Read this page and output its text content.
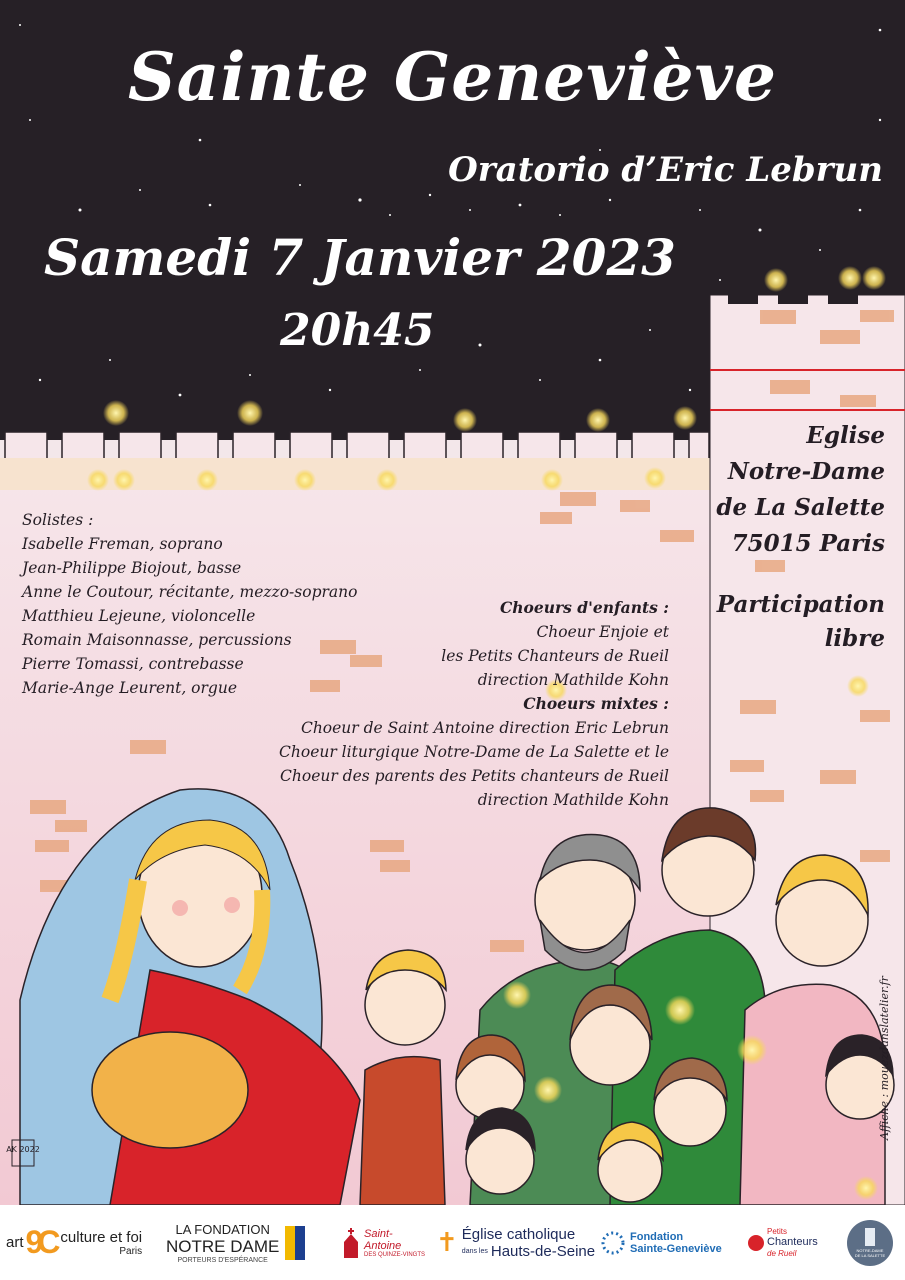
AK 2022
Sainte Geneviève
Oratorio d’Eric Lebrun
Samedi 7 Janvier 2023
20h45
Eglise
Notre-Dame
de La Salette
75015 Paris
Participation
libre
Solistes :
Isabelle Freman, soprano
Jean-Philippe Biojout, basse
Anne le Coutour, récitante, mezzo-soprano
Matthieu Lejeune, violoncelle
Romain Maisonnasse, percussions
Pierre Tomassi, contrebasse
Marie-Ange Leurent, orgue
Choeurs d'enfants :
Choeur Enjoie et
les Petits Chanteurs de Rueil
direction Mathilde Kohn
Choeurs mixtes :
Choeur de Saint Antoine direction Eric Lebrun
Choeur liturgique Notre-Dame de La Salette et le
Choeur des parents des Petits chanteurs de Rueil
direction Mathilde Kohn
Affiche : mouezdanslatelier.fr
art 9C culture et foi
Paris
LA FONDATION
NOTRE DAME
PORTEURS D'ESPÉRANCE
Saint-Antoine
DES QUINZE-VINGTS ✝ Église catholique
dans les Hauts-de-Seine
Fondation
Sainte-Geneviève
Petits
Chanteurs
de Rueil	NOTRE-DAME
DE LA SALETTE
